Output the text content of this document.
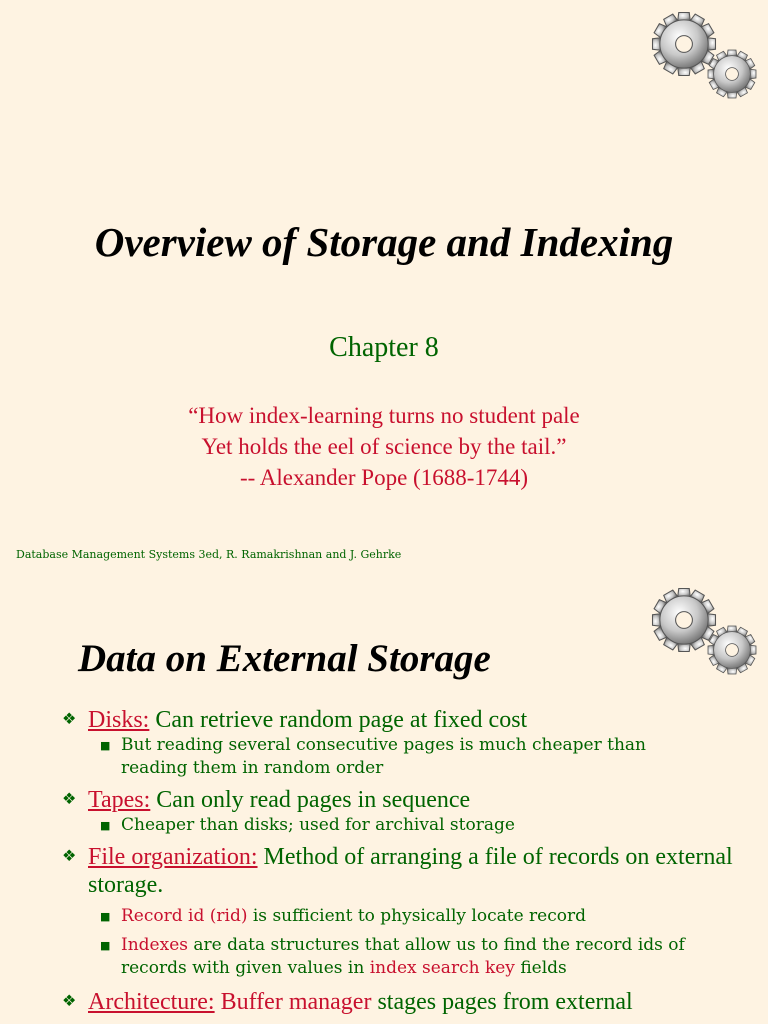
Overview of Storage and Indexing
Chapter 8
“How index-learning turns no student pale
Yet holds the eel of science by the tail.”
-- Alexander Pope (1688-1744)
Database Management Systems 3ed, R. Ramakrishnan and J. Gehrke
Data on External Storage
❖ Disks: Can retrieve random page at fixed cost
■ But reading several consecutive pages is much cheaper than reading them in random order
❖ Tapes: Can only read pages in sequence
■ Cheaper than disks; used for archival storage
❖ File organization: Method of arranging a file of records on external storage.
■ Record id (rid) is sufficient to physically locate record
■ Indexes are data structures that allow us to find the record ids of records with given values in index search key fields
❖ Architecture: Buffer manager stages pages from external
